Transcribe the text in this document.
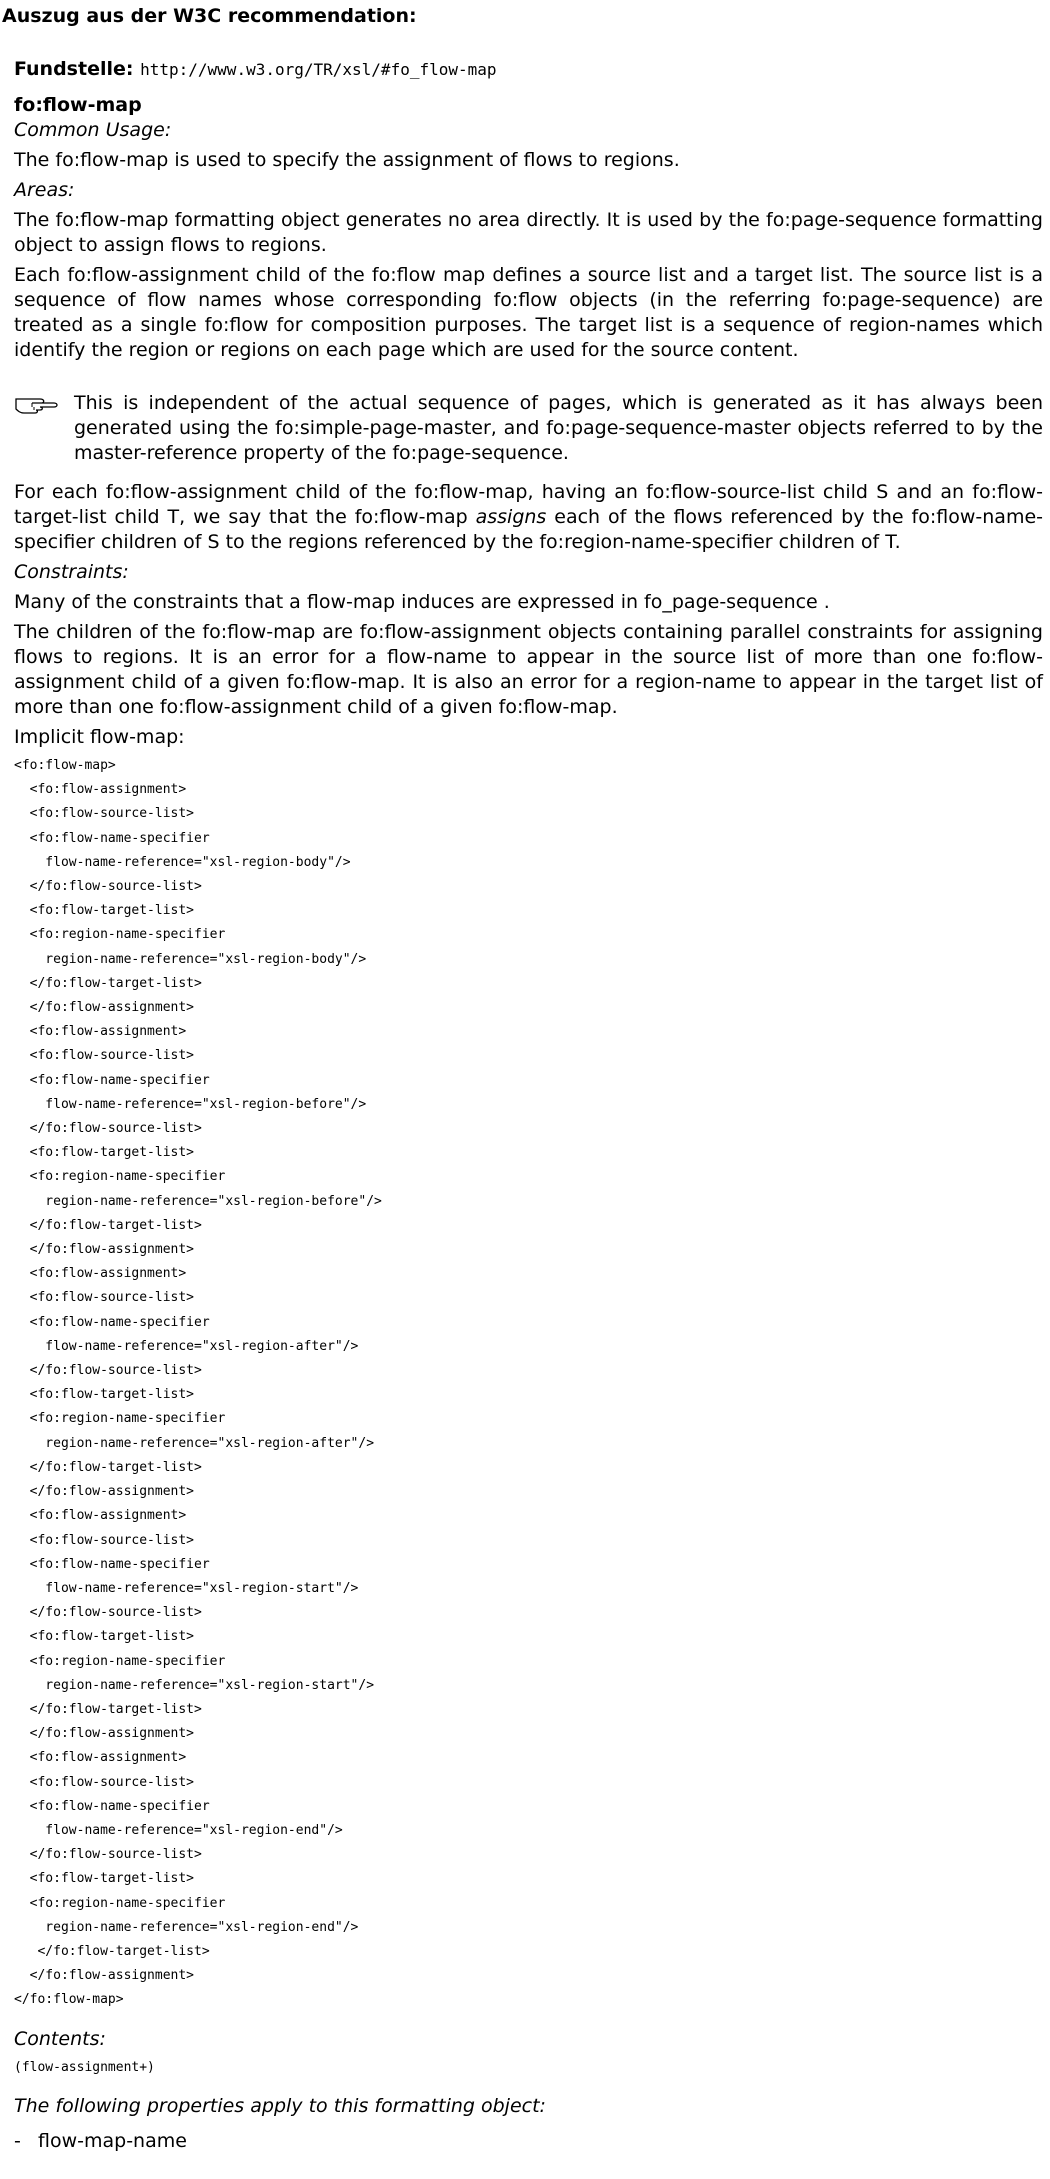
Auszug aus der W3C recommendation:
Fundstelle: http://www.w3.org/TR/xsl/#fo_flow-map
fo:flow-map
Common Usage:

The fo:flow-map is used to specify the assignment of flows to regions.

Areas:

The fo:flow-map formatting object generates no area directly. It is used by the fo:page-sequence formatting object to assign flows to regions.

Each fo:flow-assignment child of the fo:flow map defines a source list and a target list. The source list is a sequence of flow names whose corresponding fo:flow objects (in the referring fo:page-sequence) are treated as a single fo:flow for composition purposes. The target list is a sequence of region-names which identify the region or regions on each page which are used for the source content.

This is independent of the actual sequence of pages, which is generated as it has always been generated using the fo:simple-page-master, and fo:page-sequence-master objects referred to by the master-reference property of the fo:page-sequence.

For each fo:flow-assignment child of the fo:flow-map, having an fo:flow-source-list child S and an fo:flow-target-list child T, we say that the fo:flow-map assigns each of the flows referenced by the fo:flow-name-specifier children of S to the regions referenced by the fo:region-name-specifier children of T.

Constraints:

Many of the constraints that a flow-map induces are expressed in fo_page-sequence .

The children of the fo:flow-map are fo:flow-assignment objects containing parallel constraints for assigning flows to regions. It is an error for a flow-name to appear in the source list of more than one fo:flow-assignment child of a given fo:flow-map. It is also an error for a region-name to appear in the target list of more than one fo:flow-assignment child of a given fo:flow-map.

Implicit flow-map:
<fo:flow-map>
<fo:flow-assignment>
<fo:flow-source-list>
<fo:flow-name-specifier
flow-name-reference="xsl-region-body"/>
</fo:flow-source-list>
<fo:flow-target-list>
<fo:region-name-specifier
region-name-reference="xsl-region-body"/>
</fo:flow-target-list>
</fo:flow-assignment>
<fo:flow-assignment>
<fo:flow-source-list>
<fo:flow-name-specifier
flow-name-reference="xsl-region-before"/>
</fo:flow-source-list>
<fo:flow-target-list>
<fo:region-name-specifier
region-name-reference="xsl-region-before"/>
</fo:flow-target-list>
</fo:flow-assignment>
<fo:flow-assignment>
<fo:flow-source-list>
<fo:flow-name-specifier
flow-name-reference="xsl-region-after"/>
</fo:flow-source-list>
<fo:flow-target-list>
<fo:region-name-specifier
region-name-reference="xsl-region-after"/>
</fo:flow-target-list>
</fo:flow-assignment>
<fo:flow-assignment>
<fo:flow-source-list>
<fo:flow-name-specifier
flow-name-reference="xsl-region-start"/>
</fo:flow-source-list>
<fo:flow-target-list>
<fo:region-name-specifier
region-name-reference="xsl-region-start"/>
</fo:flow-target-list>
</fo:flow-assignment>
<fo:flow-assignment>
<fo:flow-source-list>
<fo:flow-name-specifier
flow-name-reference="xsl-region-end"/>
</fo:flow-source-list>
<fo:flow-target-list>
<fo:region-name-specifier
region-name-reference="xsl-region-end"/>
</fo:flow-target-list>
</fo:flow-assignment>
</fo:flow-map>
Contents:
(flow-assignment+)
The following properties apply to this formatting object:
- flow-map-name
